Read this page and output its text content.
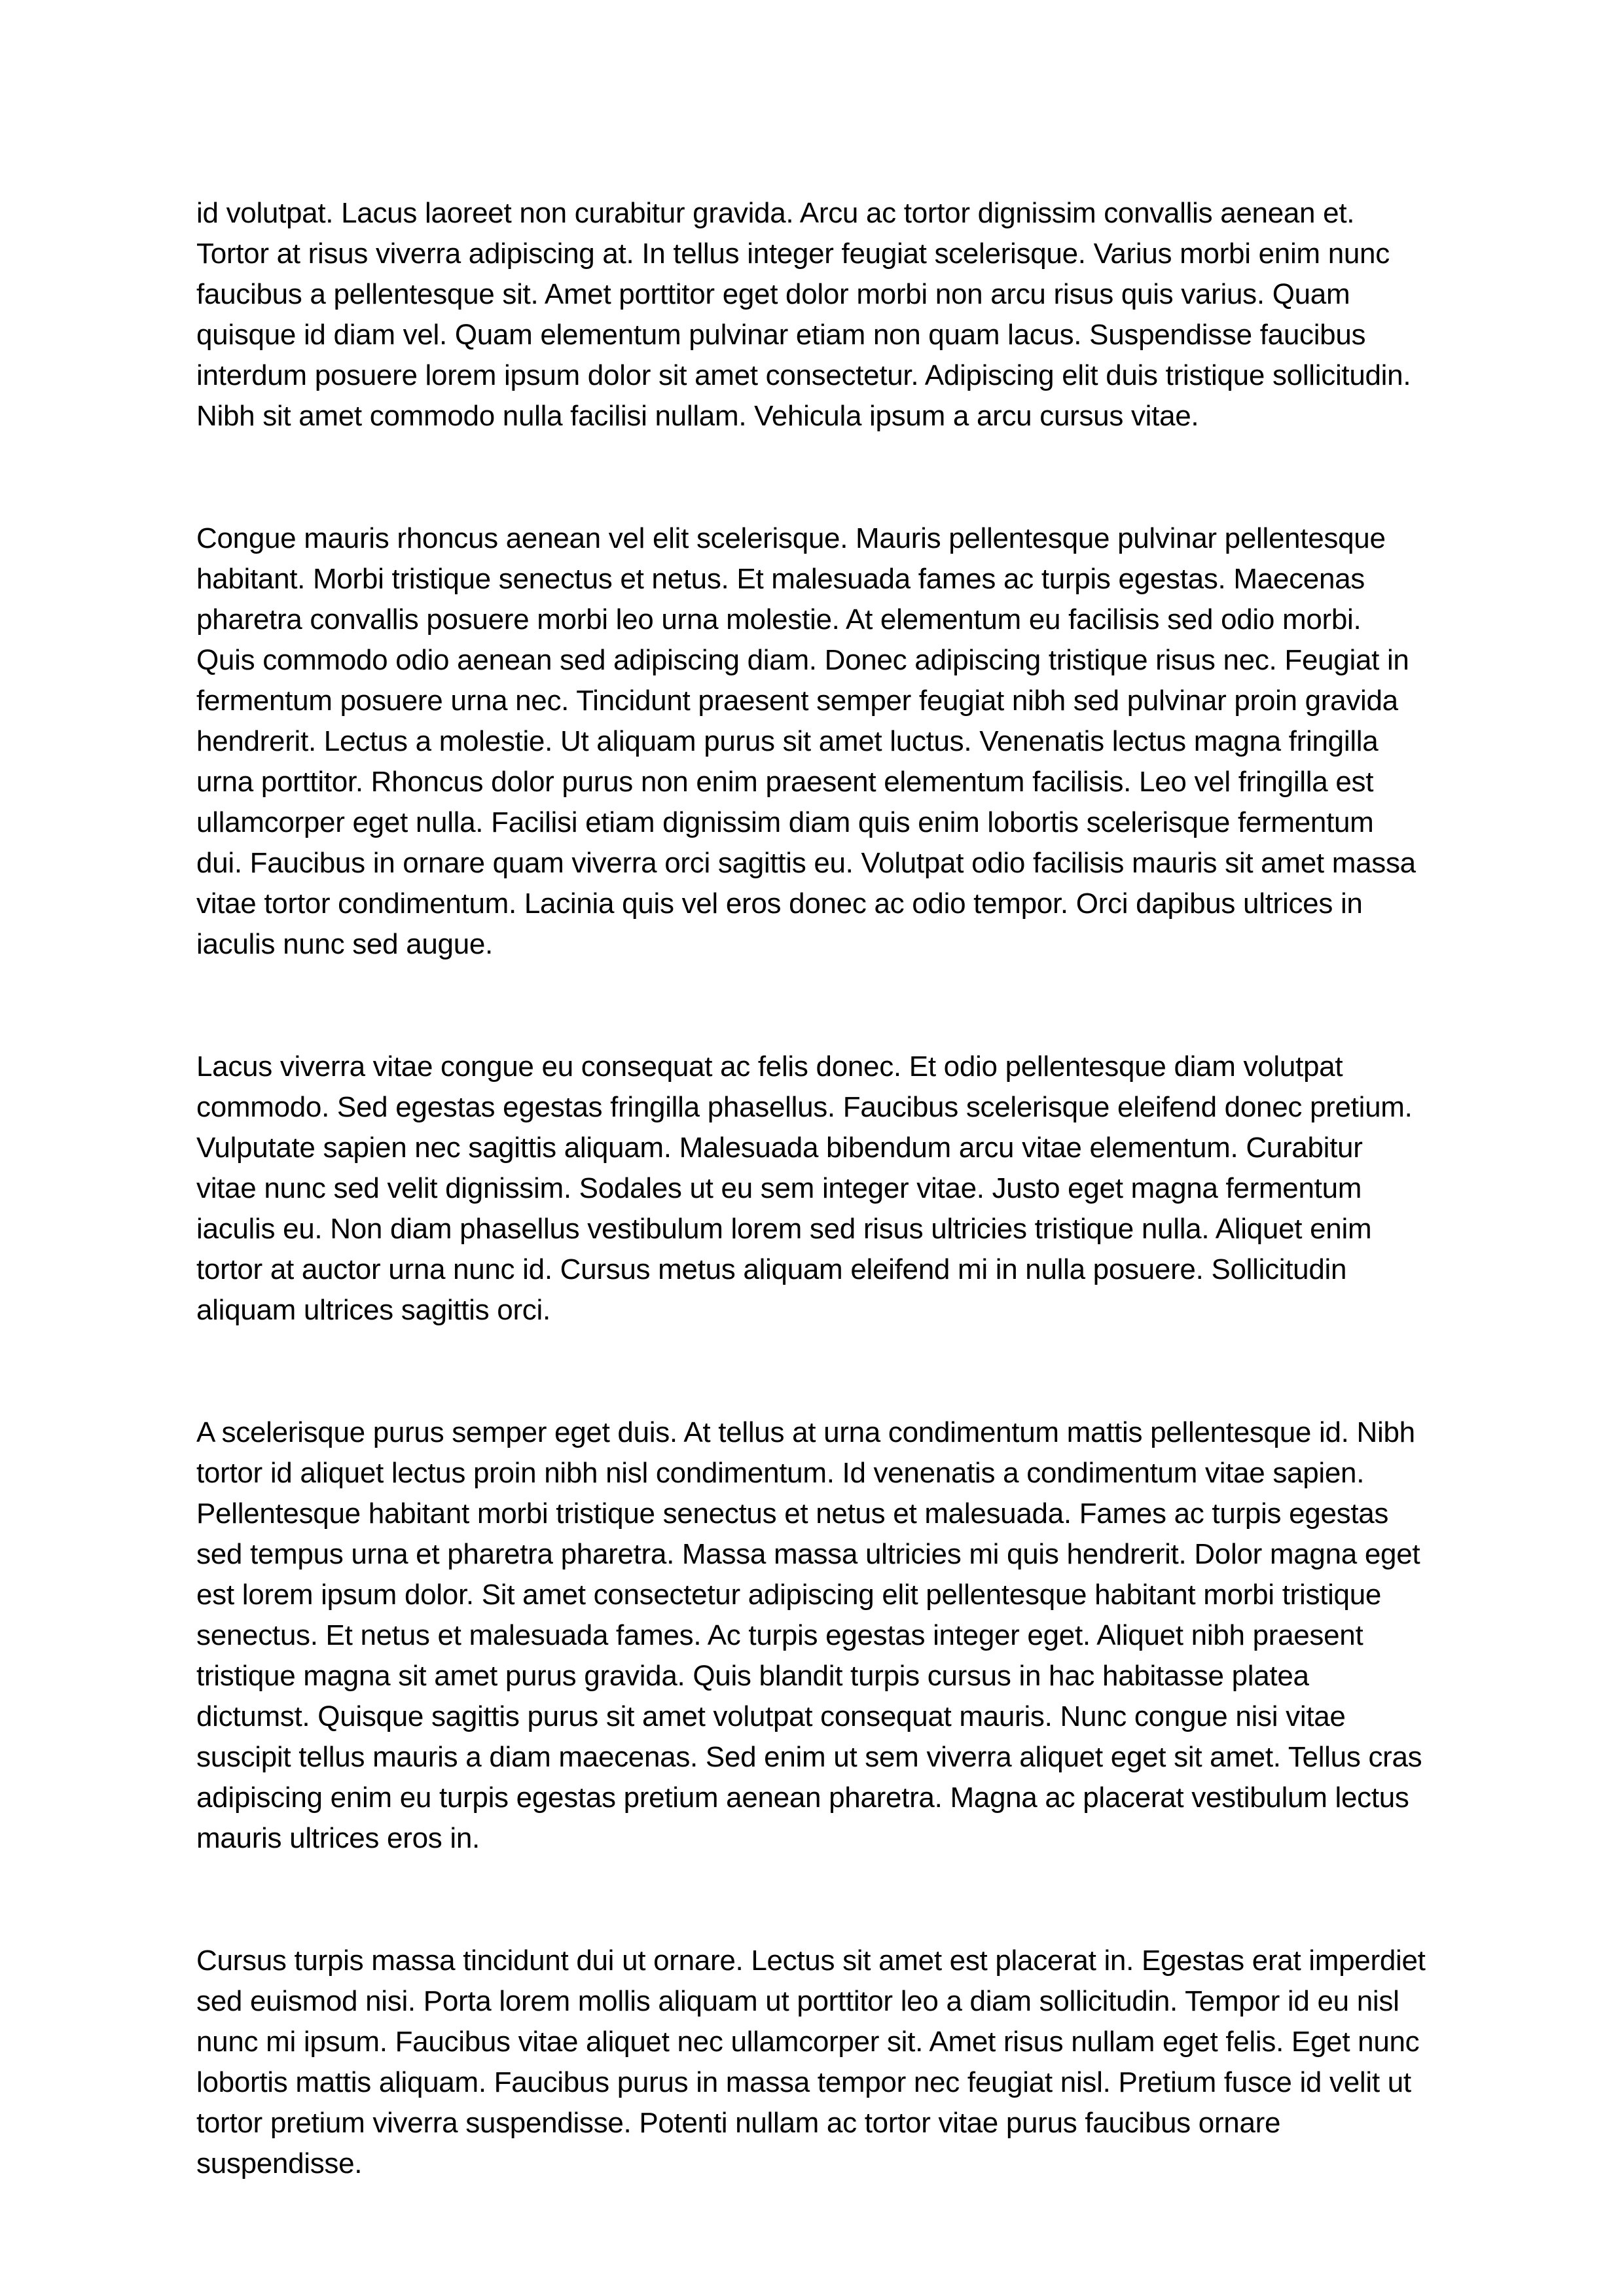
id volutpat. Lacus laoreet non curabitur gravida. Arcu ac tortor dignissim convallis aenean et. Tortor at risus viverra adipiscing at. In tellus integer feugiat scelerisque. Varius morbi enim nunc faucibus a pellentesque sit. Amet porttitor eget dolor morbi non arcu risus quis varius. Quam quisque id diam vel. Quam elementum pulvinar etiam non quam lacus. Suspendisse faucibus interdum posuere lorem ipsum dolor sit amet consectetur. Adipiscing elit duis tristique sollicitudin. Nibh sit amet commodo nulla facilisi nullam. Vehicula ipsum a arcu cursus vitae.

Congue mauris rhoncus aenean vel elit scelerisque. Mauris pellentesque pulvinar pellentesque habitant. Morbi tristique senectus et netus. Et malesuada fames ac turpis egestas. Maecenas pharetra convallis posuere morbi leo urna molestie. At elementum eu facilisis sed odio morbi. Quis commodo odio aenean sed adipiscing diam. Donec adipiscing tristique risus nec. Feugiat in fermentum posuere urna nec. Tincidunt praesent semper feugiat nibh sed pulvinar proin gravida hendrerit. Lectus a molestie. Ut aliquam purus sit amet luctus. Venenatis lectus magna fringilla urna porttitor. Rhoncus dolor purus non enim praesent elementum facilisis. Leo vel fringilla est ullamcorper eget nulla. Facilisi etiam dignissim diam quis enim lobortis scelerisque fermentum dui. Faucibus in ornare quam viverra orci sagittis eu. Volutpat odio facilisis mauris sit amet massa vitae tortor condimentum. Lacinia quis vel eros donec ac odio tempor. Orci dapibus ultrices in iaculis nunc sed augue.

Lacus viverra vitae congue eu consequat ac felis donec. Et odio pellentesque diam volutpat commodo. Sed egestas egestas fringilla phasellus. Faucibus scelerisque eleifend donec pretium. Vulputate sapien nec sagittis aliquam. Malesuada bibendum arcu vitae elementum. Curabitur vitae nunc sed velit dignissim. Sodales ut eu sem integer vitae. Justo eget magna fermentum iaculis eu. Non diam phasellus vestibulum lorem sed risus ultricies tristique nulla. Aliquet enim tortor at auctor urna nunc id. Cursus metus aliquam eleifend mi in nulla posuere. Sollicitudin aliquam ultrices sagittis orci.

A scelerisque purus semper eget duis. At tellus at urna condimentum mattis pellentesque id. Nibh tortor id aliquet lectus proin nibh nisl condimentum. Id venenatis a condimentum vitae sapien. Pellentesque habitant morbi tristique senectus et netus et malesuada. Fames ac turpis egestas sed tempus urna et pharetra pharetra. Massa massa ultricies mi quis hendrerit. Dolor magna eget est lorem ipsum dolor. Sit amet consectetur adipiscing elit pellentesque habitant morbi tristique senectus. Et netus et malesuada fames. Ac turpis egestas integer eget. Aliquet nibh praesent tristique magna sit amet purus gravida. Quis blandit turpis cursus in hac habitasse platea dictumst. Quisque sagittis purus sit amet volutpat consequat mauris. Nunc congue nisi vitae suscipit tellus mauris a diam maecenas. Sed enim ut sem viverra aliquet eget sit amet. Tellus cras adipiscing enim eu turpis egestas pretium aenean pharetra. Magna ac placerat vestibulum lectus mauris ultrices eros in.

Cursus turpis massa tincidunt dui ut ornare. Lectus sit amet est placerat in. Egestas erat imperdiet sed euismod nisi. Porta lorem mollis aliquam ut porttitor leo a diam sollicitudin. Tempor id eu nisl nunc mi ipsum. Faucibus vitae aliquet nec ullamcorper sit. Amet risus nullam eget felis. Eget nunc lobortis mattis aliquam. Faucibus purus in massa tempor nec feugiat nisl. Pretium fusce id velit ut tortor pretium viverra suspendisse. Potenti nullam ac tortor vitae purus faucibus ornare suspendisse.
